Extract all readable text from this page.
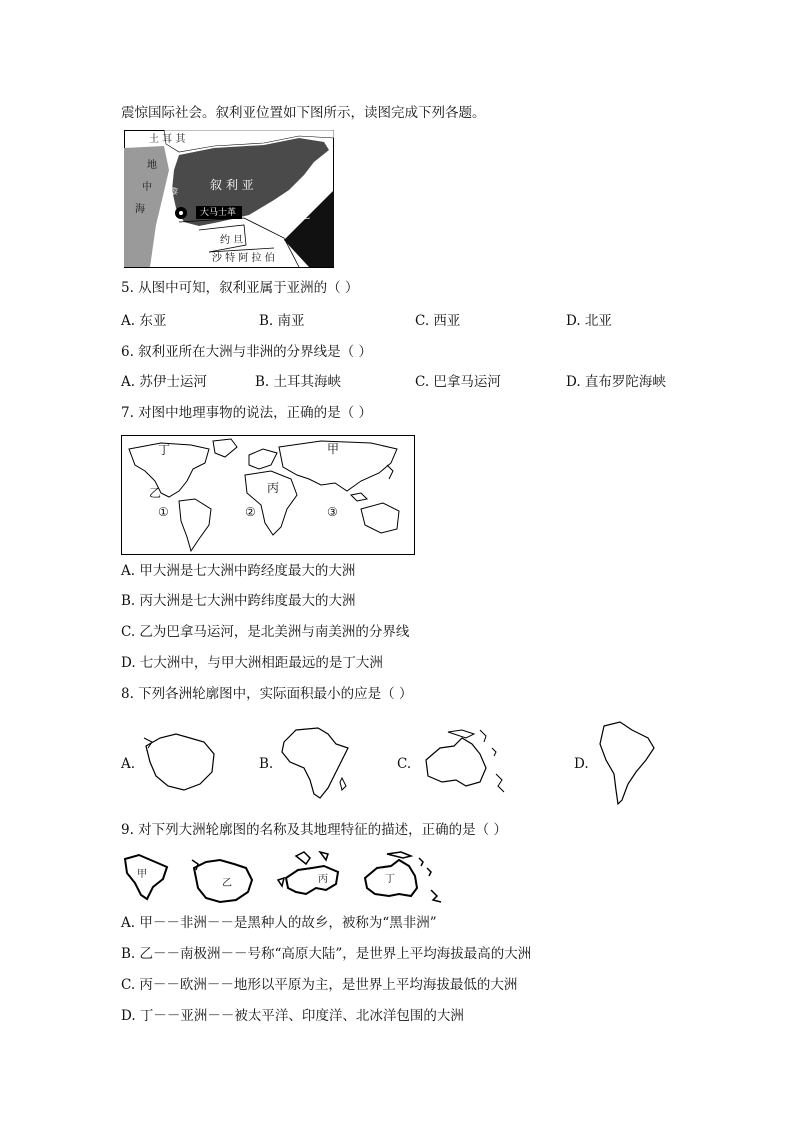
震惊国际社会。叙利亚位置如下图所示，读图完成下列各题。
土 耳 其
地
中
海
黎
巴
嫩
叙 利 亚
大马士革	伊 拉 克
约 旦
沙 特 阿 拉 伯
5. 从图中可知，叙利亚属于亚洲的（ ）
A. 东亚	B. 南亚	C. 西亚	D. 北亚
6. 叙利亚所在大洲与非洲的分界线是（ ）
A. 苏伊士运河	B. 土耳其海峡	C. 巴拿马运河	D. 直布罗陀海峡
7. 对图中地理事物的说法，正确的是（ ）
丁	甲
乙	丙
①	②	③
A. 甲大洲是七大洲中跨经度最大的大洲
B. 丙大洲是七大洲中跨纬度最大的大洲
C. 乙为巴拿马运河，是北美洲与南美洲的分界线
D. 七大洲中，与甲大洲相距最远的是丁大洲
8. 下列各洲轮廓图中，实际面积最小的应是（ ）
A.	B.	C.	D.
9. 对下列大洲轮廓图的名称及其地理特征的描述，正确的是（ ）
甲
乙	丙	丁
A. 甲－－非洲－－是黑种人的故乡，被称为“黑非洲”
B. 乙－－南极洲－－号称“高原大陆”，是世界上平均海拔最高的大洲
C. 丙－－欧洲－－地形以平原为主，是世界上平均海拔最低的大洲
D. 丁－－亚洲－－被太平洋、印度洋、北冰洋包围的大洲
